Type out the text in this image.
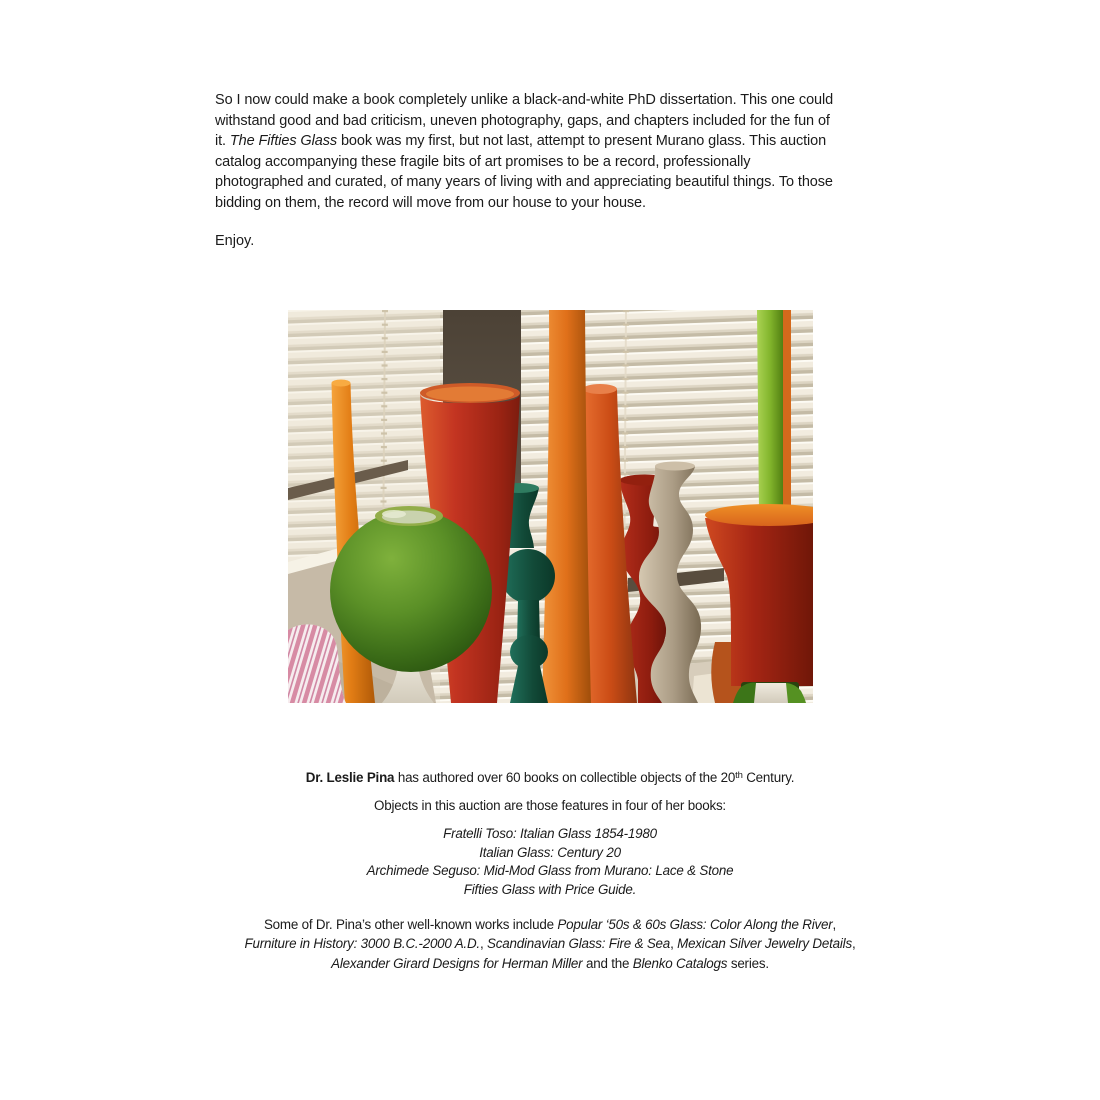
So I now could make a book completely unlike a black-and-white PhD dissertation. This one could
withstand good and bad criticism, uneven photography, gaps, and chapters included for the fun of
it. The Fifties Glass book was my first, but not last, attempt to present Murano glass. This auction
catalog accompanying these fragile bits of art promises to be a record, professionally
photographed and curated, of many years of living with and appreciating beautiful things. To those
bidding on them, the record will move from our house to your house.
Enjoy.

Dr. Leslie Pina has authored over 60 books on collectible objects of the 20th Century.

Objects in this auction are those features in four of her books:

Fratelli Toso: Italian Glass 1854-1980
Italian Glass: Century 20
Archimede Seguso: Mid-Mod Glass from Murano: Lace & Stone
Fifties Glass with Price Guide.
Some of Dr. Pina’s other well-known works include Popular ‘50s & 60s Glass: Color Along the River,
Furniture in History: 3000 B.C.-2000 A.D., Scandinavian Glass: Fire & Sea, Mexican Silver Jewelry Details,
Alexander Girard Designs for Herman Miller and the Blenko Catalogs series.
